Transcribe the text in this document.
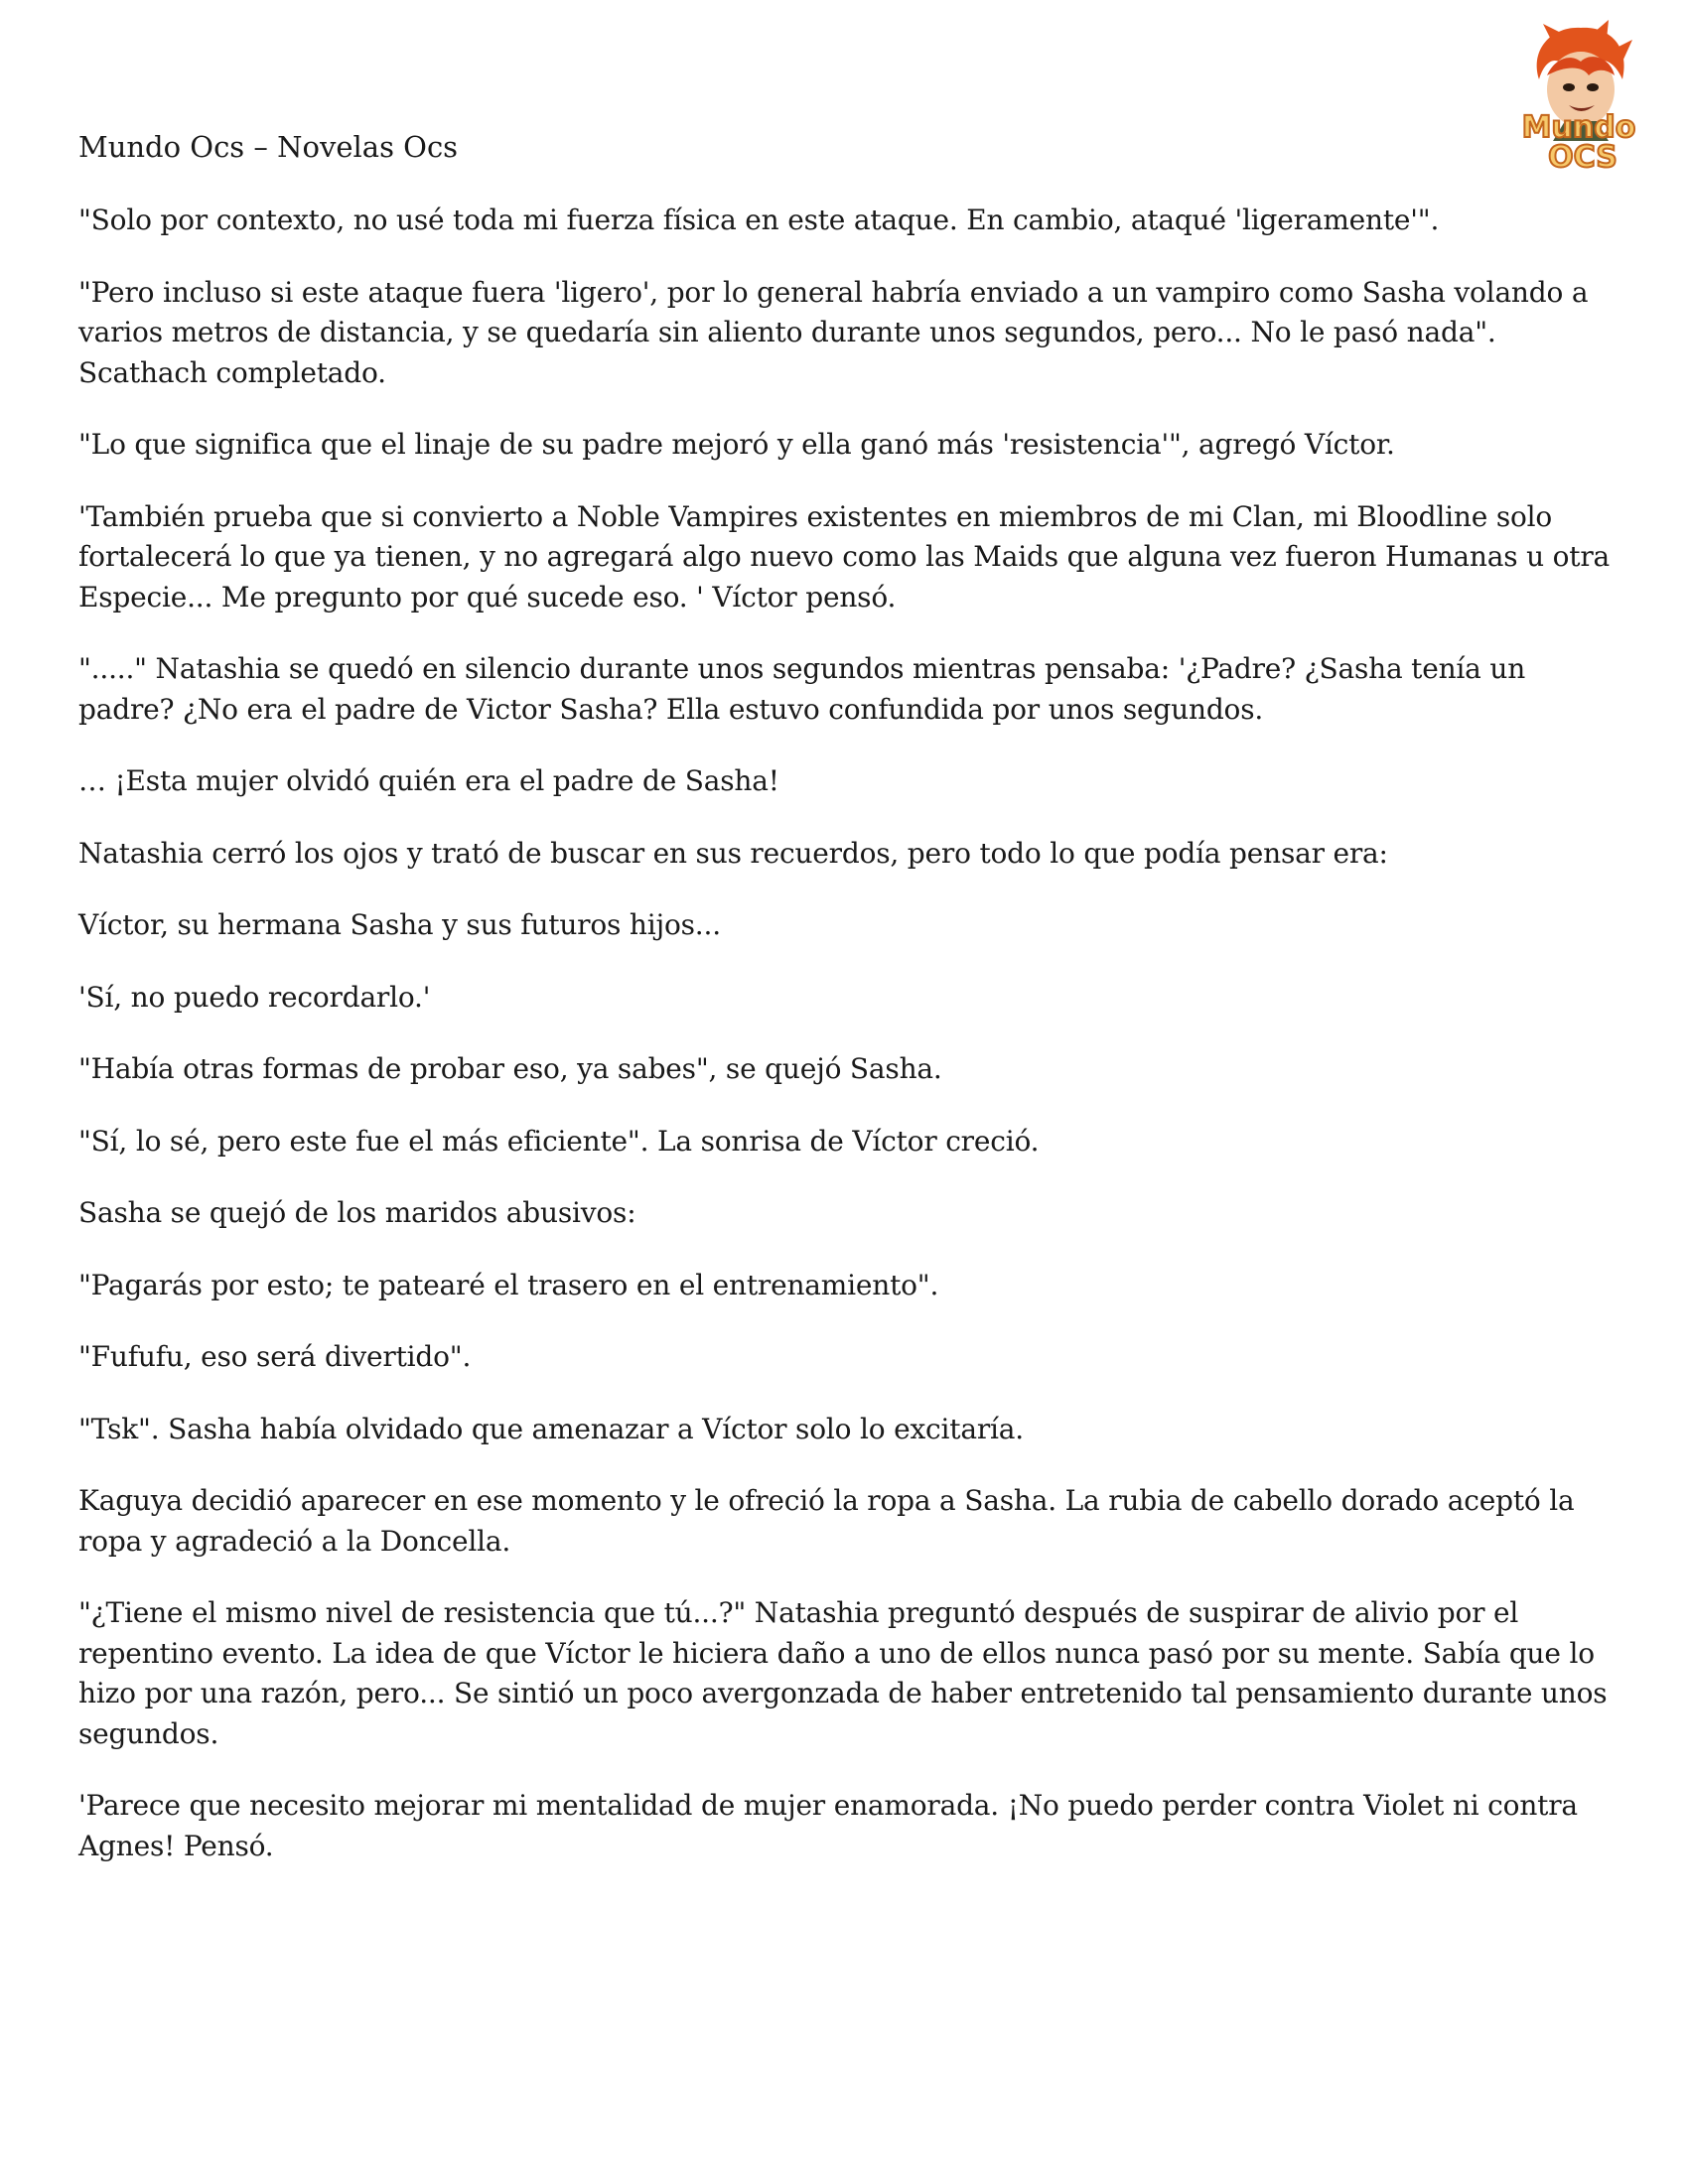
Mundo
OCS
Mundo Ocs – Novelas Ocs

"Solo por contexto, no usé toda mi fuerza física en este ataque. En cambio, ataqué 'ligeramente'".

"Pero incluso si este ataque fuera 'ligero', por lo general habría enviado a un vampiro como Sasha volando a varios metros de distancia, y se quedaría sin aliento durante unos segundos, pero... No le pasó nada". Scathach completado.

"Lo que significa que el linaje de su padre mejoró y ella ganó más 'resistencia'", agregó Víctor.

'También prueba que si convierto a Noble Vampires existentes en miembros de mi Clan, mi Bloodline solo fortalecerá lo que ya tienen, y no agregará algo nuevo como las Maids que alguna vez fueron Humanas u otra Especie... Me pregunto por qué sucede eso. ' Víctor pensó.

"....." Natashia se quedó en silencio durante unos segundos mientras pensaba: '¿Padre? ¿Sasha tenía un padre? ¿No era el padre de Victor Sasha? Ella estuvo confundida por unos segundos.

… ¡Esta mujer olvidó quién era el padre de Sasha!

Natashia cerró los ojos y trató de buscar en sus recuerdos, pero todo lo que podía pensar era:

Víctor, su hermana Sasha y sus futuros hijos...

'Sí, no puedo recordarlo.'

"Había otras formas de probar eso, ya sabes", se quejó Sasha.

"Sí, lo sé, pero este fue el más eficiente". La sonrisa de Víctor creció.

Sasha se quejó de los maridos abusivos:

"Pagarás por esto; te patearé el trasero en el entrenamiento".

"Fufufu, eso será divertido".

"Tsk". Sasha había olvidado que amenazar a Víctor solo lo excitaría.

Kaguya decidió aparecer en ese momento y le ofreció la ropa a Sasha. La rubia de cabello dorado aceptó la ropa y agradeció a la Doncella.

"¿Tiene el mismo nivel de resistencia que tú...?" Natashia preguntó después de suspirar de alivio por el repentino evento. La idea de que Víctor le hiciera daño a uno de ellos nunca pasó por su mente. Sabía que lo hizo por una razón, pero... Se sintió un poco avergonzada de haber entretenido tal pensamiento durante unos segundos.

'Parece que necesito mejorar mi mentalidad de mujer enamorada. ¡No puedo perder contra Violet ni contra Agnes! Pensó.
